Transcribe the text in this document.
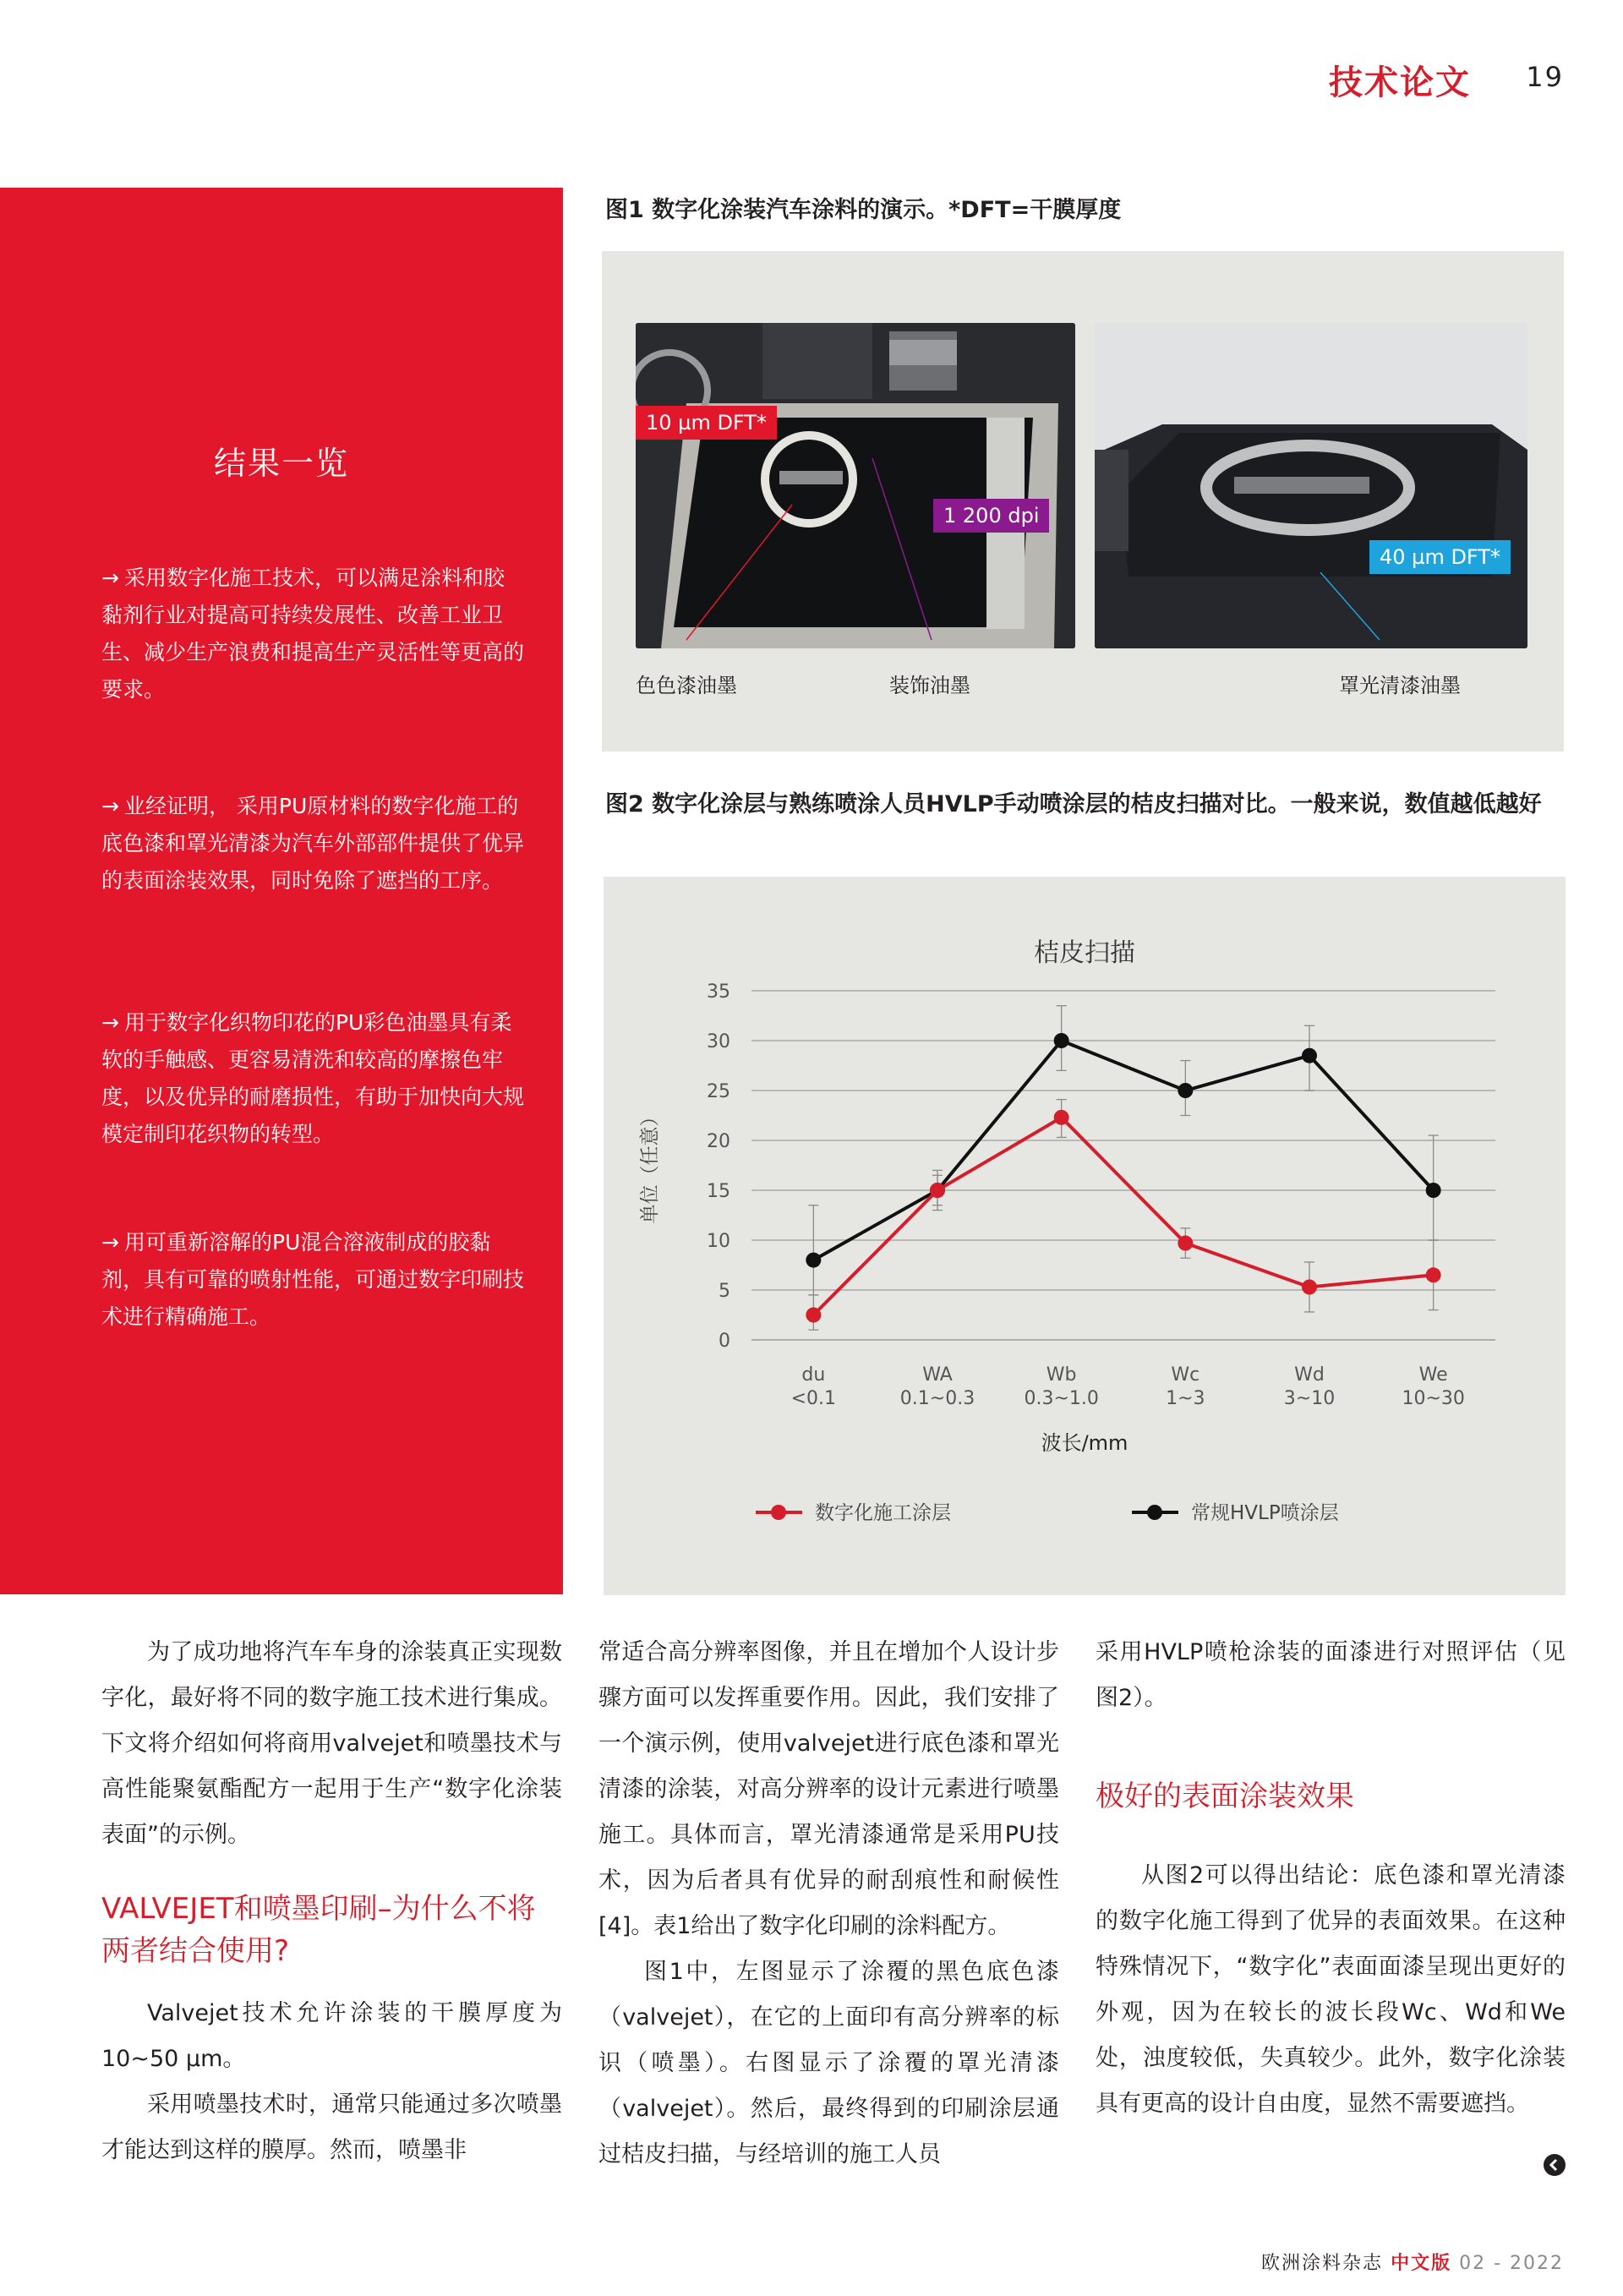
技术论文 19
结果一览
→ 采用数字化施工技术，可以满足涂料和胶黏剂行业对提高可持续发展性、改善工业卫生、减少生产浪费和提高生产灵活性等更高的要求。
→ 业经证明， 采用PU原材料的数字化施工的底色漆和罩光清漆为汽车外部部件提供了优异的表面涂装效果，同时免除了遮挡的工序。
→ 用于数字化织物印花的PU彩色油墨具有柔软的手触感、更容易清洗和较高的摩擦色牢度，以及优异的耐磨损性，有助于加快向大规模定制印花织物的转型。
→ 用可重新溶解的PU混合溶液制成的胶黏剂，具有可靠的喷射性能，可通过数字印刷技术进行精确施工。
图1 数字化涂装汽车涂料的演示。*DFT=干膜厚度
10 µm DFT*
1 200 dpi
40 µm DFT*
色色漆油墨	装饰油墨	罩光清漆油墨
图2 数字化涂层与熟练喷涂人员HVLP手动喷涂层的桔皮扫描对比。一般来说，数值越低越好
桔皮扫描
0
5
10
15
20
25
30
35
单位（任意）
du
<0.1
WA
0.1~0.3
Wb
0.3~1.0
Wc
1~3
Wd
3~10
We
10~30
波长/mm
数字化施工涂层	常规HVLP喷涂层

为了成功地将汽车车身的涂装真正实现数字化，最好将不同的数字施工技术进行集成。下文将介绍如何将商用valvejet和喷墨技术与高性能聚氨酯配方一起用于生产“数字化涂装表面”的示例。

VALVEJET和喷墨印刷–为什么不将两者结合使用?

Valvejet技术允许涂装的干膜厚度为10~50 µm。

采用喷墨技术时，通常只能通过多次喷墨才能达到这样的膜厚。然而，喷墨非

常适合高分辨率图像，并且在增加个人设计步骤方面可以发挥重要作用。因此，我们安排了一个演示例，使用valvejet进行底色漆和罩光清漆的涂装，对高分辨率的设计元素进行喷墨施工。具体而言，罩光清漆通常是采用PU技术，因为后者具有优异的耐刮痕性和耐候性[4]。表1给出了数字化印刷的涂料配方。

图1中，左图显示了涂覆的黑色底色漆（valvejet），在它的上面印有高分辨率的标识（喷墨）。右图显示了涂覆的罩光清漆（valvejet）。然后，最终得到的印刷涂层通过桔皮扫描，与经培训的施工人员

采用HVLP喷枪涂装的面漆进行对照评估（见图2）。

极好的表面涂装效果

从图2可以得出结论：底色漆和罩光清漆的数字化施工得到了优异的表面效果。在这种特殊情况下，“数字化”表面面漆呈现出更好的外观，因为在较长的波长段Wc、Wd和We处，浊度较低，失真较少。此外，数字化涂装具有更高的设计自由度，显然不需要遮挡。

欧洲涂料杂志 中文版 02 - 2022
